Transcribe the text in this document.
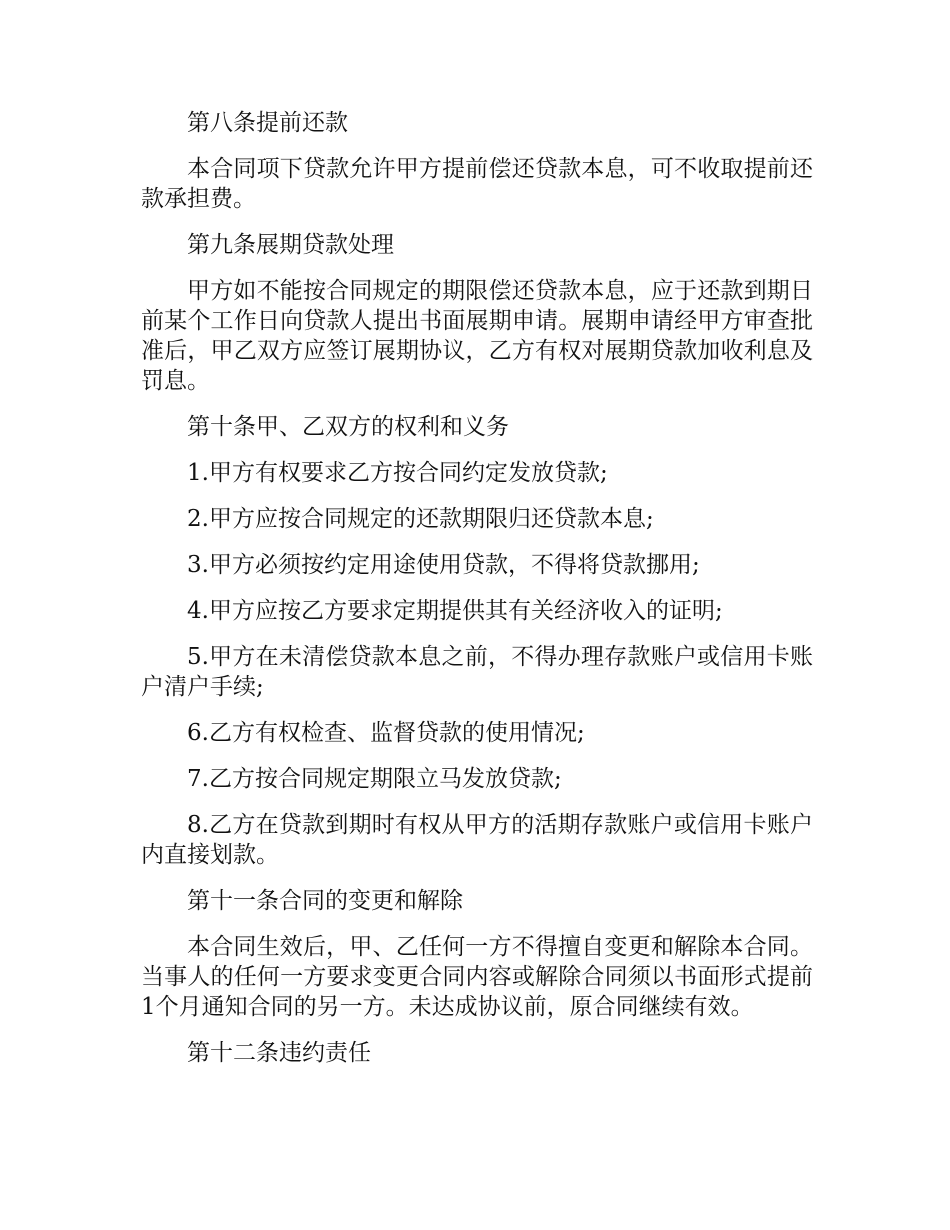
第八条提前还款

本合同项下贷款允许甲方提前偿还贷款本息，可不收取提前还款承担费。

第九条展期贷款处理

甲方如不能按合同规定的期限偿还贷款本息，应于还款到期日前某个工作日向贷款人提出书面展期申请。展期申请经甲方审查批准后，甲乙双方应签订展期协议，乙方有权对展期贷款加收利息及罚息。

第十条甲、乙双方的权利和义务

1.甲方有权要求乙方按合同约定发放贷款;

2.甲方应按合同规定的还款期限归还贷款本息;

3.甲方必须按约定用途使用贷款，不得将贷款挪用;

4.甲方应按乙方要求定期提供其有关经济收入的证明;

5.甲方在未清偿贷款本息之前，不得办理存款账户或信用卡账户清户手续;

6.乙方有权检查、监督贷款的使用情况;

7.乙方按合同规定期限立马发放贷款;

8.乙方在贷款到期时有权从甲方的活期存款账户或信用卡账户内直接划款。

第十一条合同的变更和解除

本合同生效后，甲、乙任何一方不得擅自变更和解除本合同。当事人的任何一方要求变更合同内容或解除合同须以书面形式提前1个月通知合同的另一方。未达成协议前，原合同继续有效。

第十二条违约责任
